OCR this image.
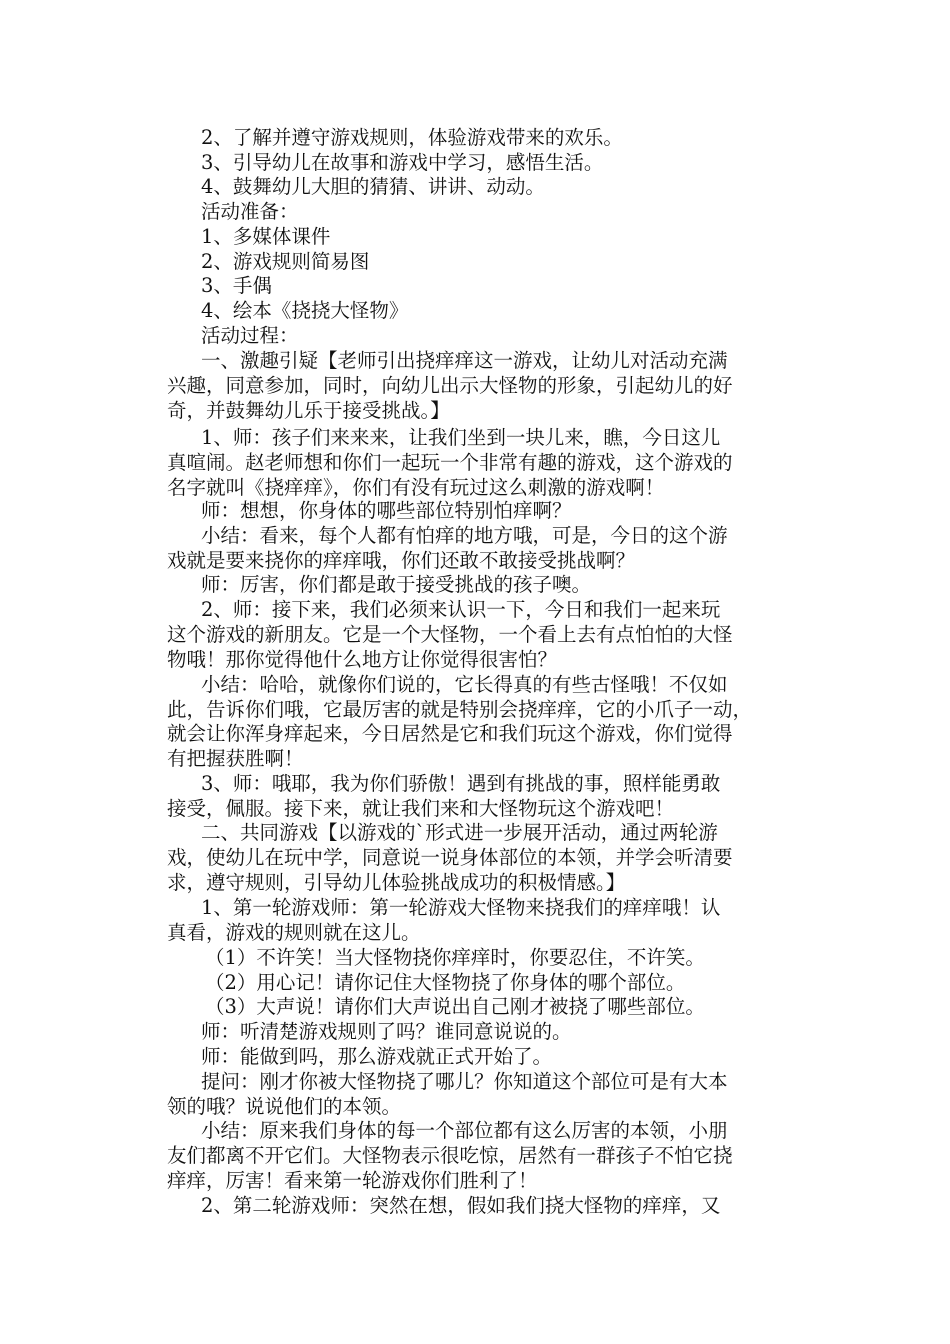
2、了解并遵守游戏规则，体验游戏带来的欢乐。
3、引导幼儿在故事和游戏中学习，感悟生活。
4、鼓舞幼儿大胆的猜猜、讲讲、动动。
活动准备：
1、多媒体课件
2、游戏规则简易图
3、手偶
4、绘本《挠挠大怪物》
活动过程：
一、激趣引疑【老师引出挠痒痒这一游戏，让幼儿对活动充满
兴趣，同意参加，同时，向幼儿出示大怪物的形象，引起幼儿的好
奇，并鼓舞幼儿乐于接受挑战。】
1、师：孩子们来来来，让我们坐到一块儿来，瞧，今日这儿
真喧闹。赵老师想和你们一起玩一个非常有趣的游戏，这个游戏的
名字就叫《挠痒痒》，你们有没有玩过这么刺激的游戏啊！
师：想想，你身体的哪些部位特别怕痒啊？
小结：看来，每个人都有怕痒的地方哦，可是，今日的这个游
戏就是要来挠你的痒痒哦，你们还敢不敢接受挑战啊？
师：厉害，你们都是敢于接受挑战的孩子噢。
2、师：接下来，我们必须来认识一下，今日和我们一起来玩
这个游戏的新朋友。它是一个大怪物，一个看上去有点怕怕的大怪
物哦！那你觉得他什么地方让你觉得很害怕？
小结：哈哈，就像你们说的，它长得真的有些古怪哦！不仅如
此，告诉你们哦，它最厉害的就是特别会挠痒痒，它的小爪子一动，
就会让你浑身痒起来，今日居然是它和我们玩这个游戏，你们觉得
有把握获胜啊！
3、师：哦耶，我为你们骄傲！遇到有挑战的事，照样能勇敢
接受，佩服。接下来，就让我们来和大怪物玩这个游戏吧！
二、共同游戏【以游戏的`形式进一步展开活动，通过两轮游
戏，使幼儿在玩中学，同意说一说身体部位的本领，并学会听清要
求，遵守规则，引导幼儿体验挑战成功的积极情感。】
1、第一轮游戏师：第一轮游戏大怪物来挠我们的痒痒哦！认
真看，游戏的规则就在这儿。
（1）不许笑！当大怪物挠你痒痒时，你要忍住，不许笑。
（2）用心记！请你记住大怪物挠了你身体的哪个部位。
（3）大声说！请你们大声说出自己刚才被挠了哪些部位。
师：听清楚游戏规则了吗？谁同意说说的。
师：能做到吗，那么游戏就正式开始了。
提问：刚才你被大怪物挠了哪儿？你知道这个部位可是有大本
领的哦？说说他们的本领。
小结：原来我们身体的每一个部位都有这么厉害的本领，小朋
友们都离不开它们。大怪物表示很吃惊，居然有一群孩子不怕它挠
痒痒，厉害！看来第一轮游戏你们胜利了！
2、第二轮游戏师：突然在想，假如我们挠大怪物的痒痒，又
